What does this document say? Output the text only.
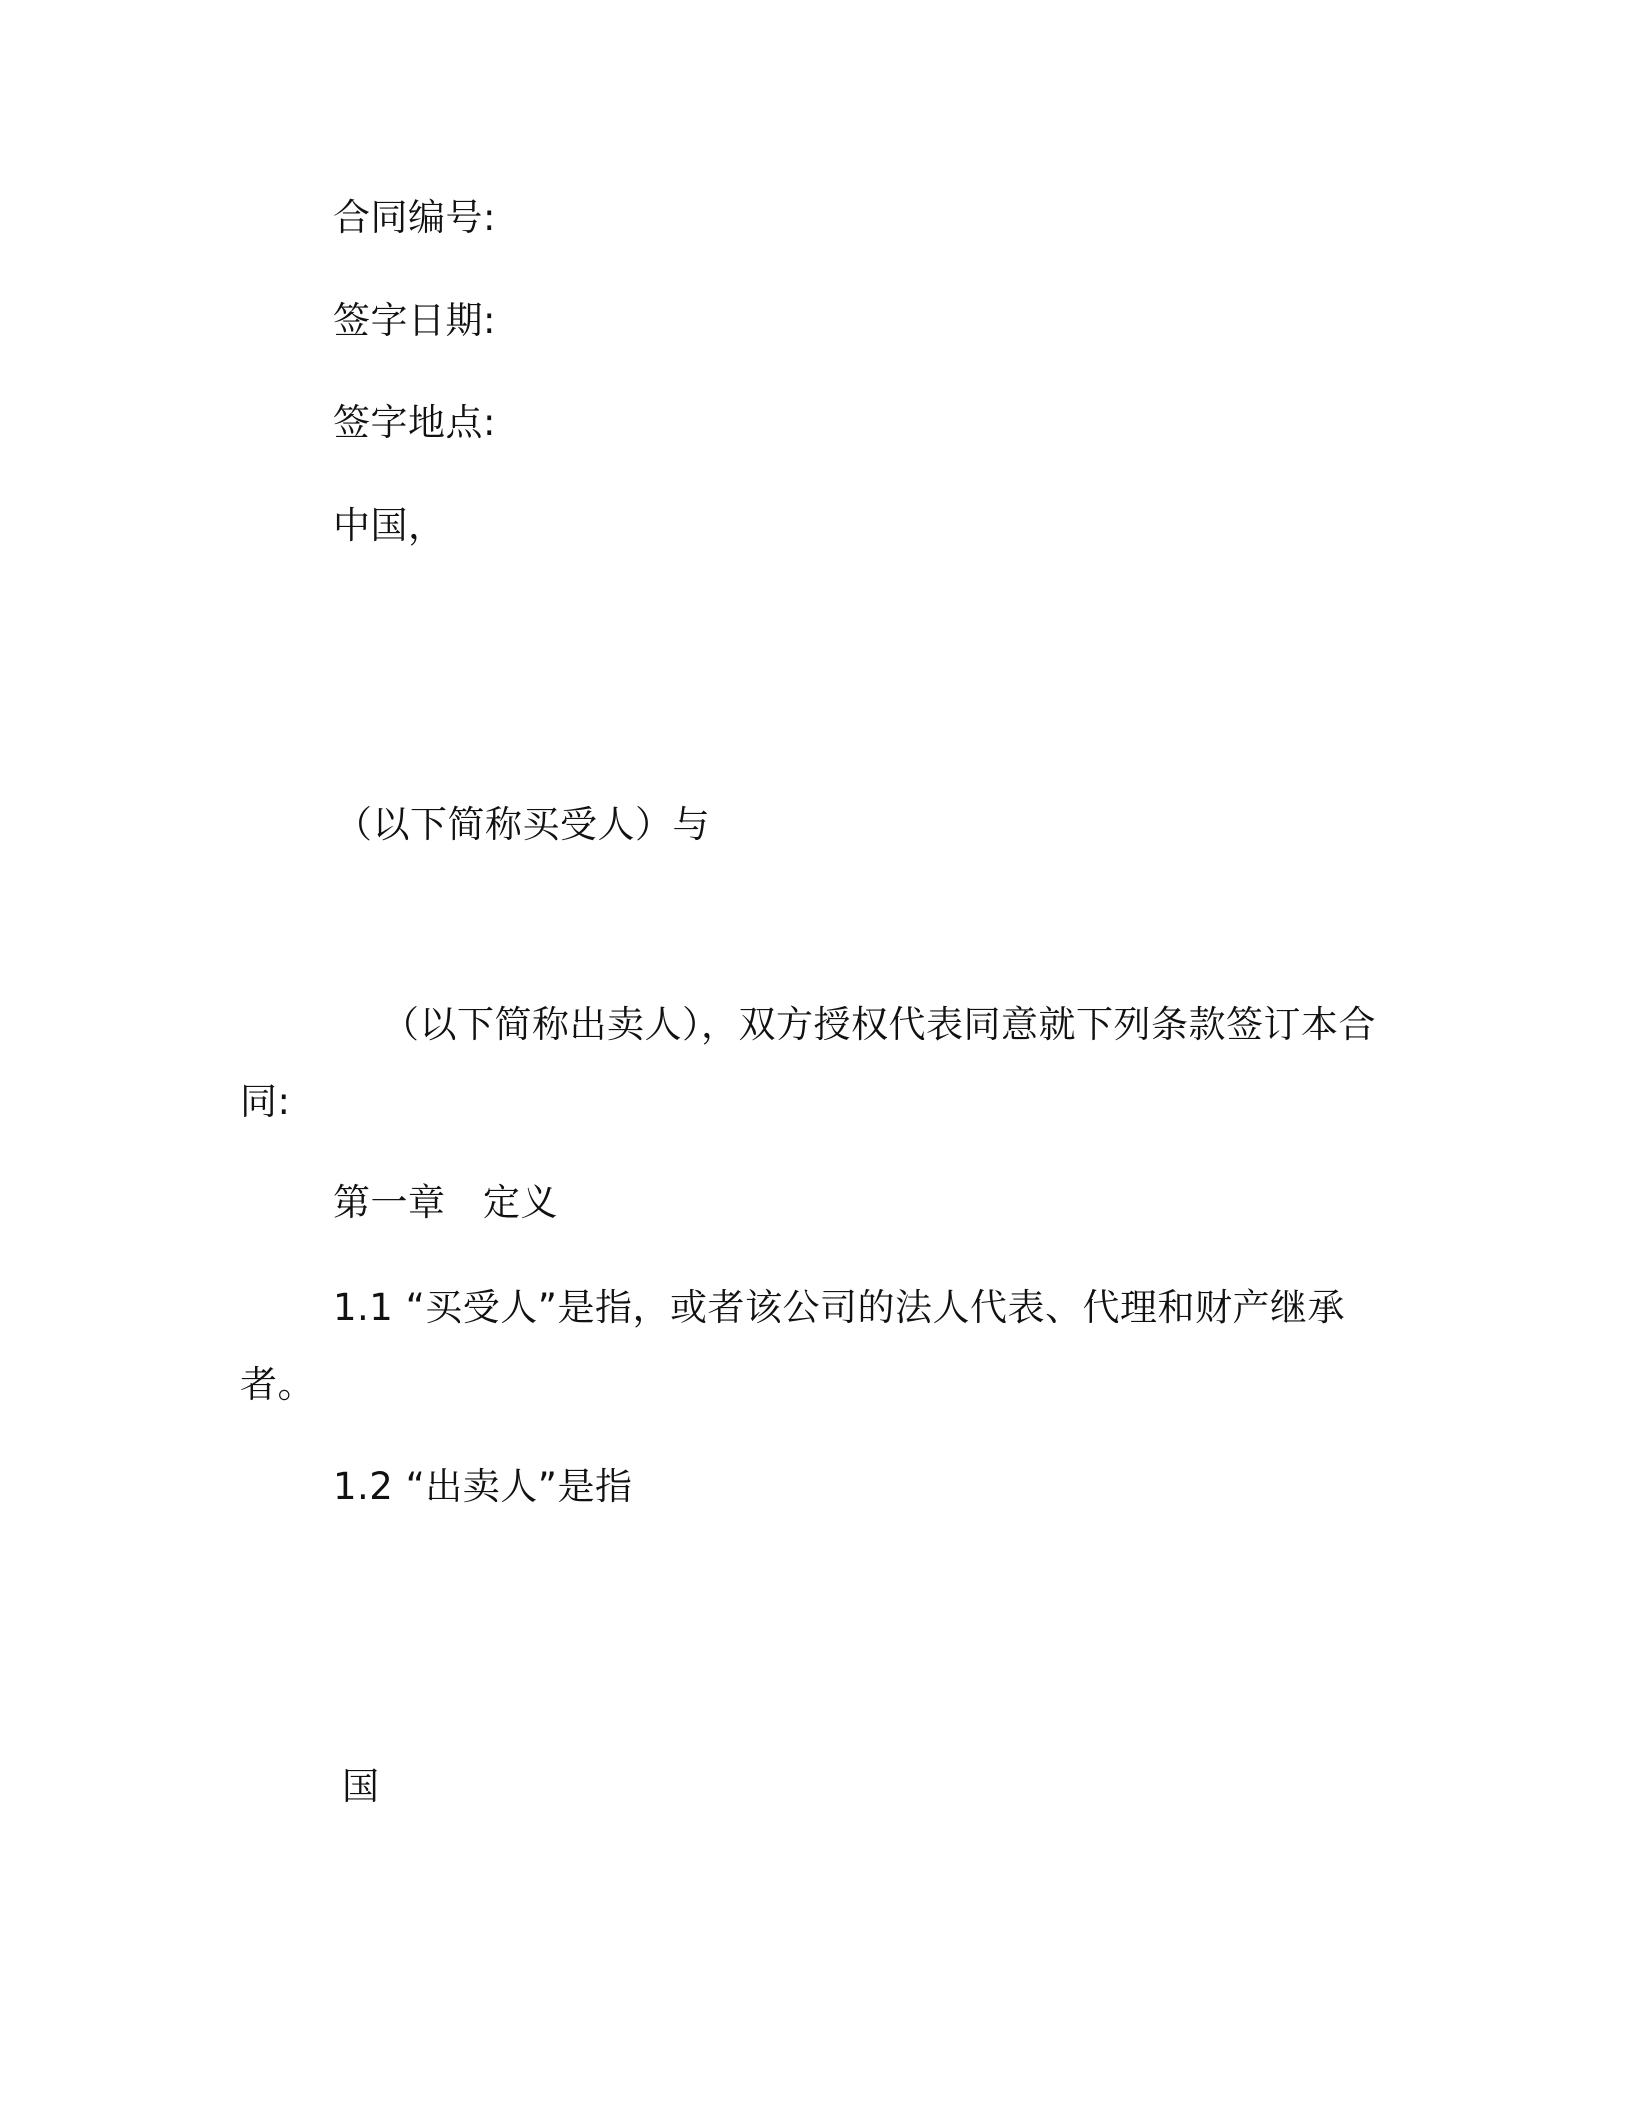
合同编号:
签字日期:
签字地点:
中国，
（以下简称买受人）与
（以下简称出卖人），双方授权代表同意就下列条款签订本合
同:
第一章　定义
1.1 “买受人”是指，或者该公司的法人代表、代理和财产继承
者。
1.2 “出卖人”是指
国
